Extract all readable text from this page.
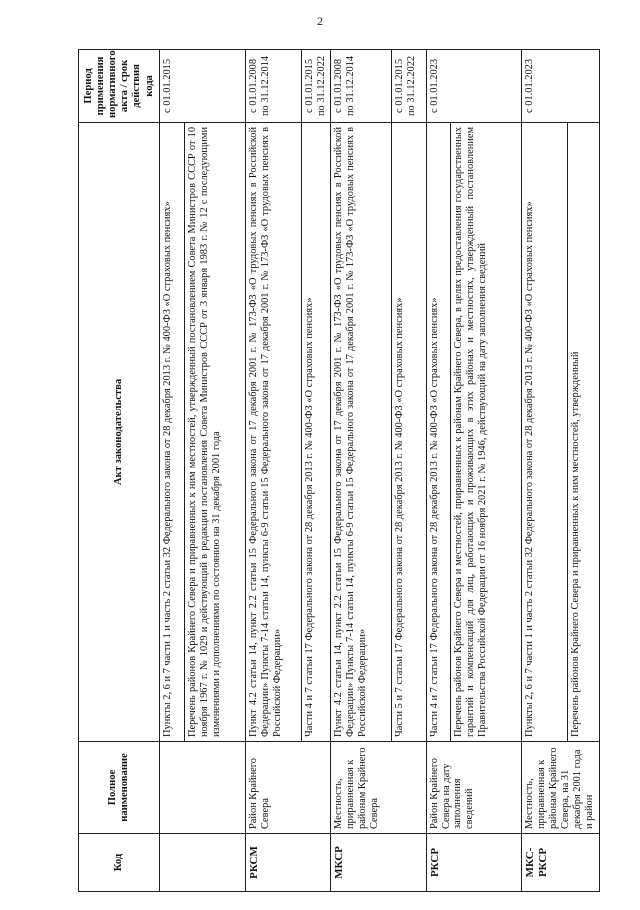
2
Код	Полное наименование	Акт законодательства	Период применения нормативного акта / срок действия кода
		Пункты 2, 6 и 7 части 1 и часть 2 статьи 32 Федерального закона от 28 декабря 2013 г. № 400-ФЗ «О страховых пенсиях»	с 01.01.2015
		Перечень районов Крайнего Севера и приравненных к ним местностей, утвержденный постановлением Совета Министров СССР от 10 ноября 1967 г. № 1029 и действующий в редакции постановления Совета Министров СССР от 3 января 1983 г. № 12 с последующими изменениями и дополнениями по состоянию на 31 декабря 2001 года	
РКСМ	Район Крайнего Севера	Пункт 4.2 статьи 14, пункт 2.2 статьи 15 Федерального закона от 17 декабря 2001 г. № 173-ФЗ «О трудовых пенсиях в Российской Федерации» Пункты 7-14 статьи 14, пункты 6-9 статьи 15 Федерального закона от 17 декабря 2001 г. № 173-ФЗ «О трудовых пенсиях в Российской Федерации»	с 01.01.2008 по 31.12.2014
		Части 4 и 7 статьи 17 Федерального закона от 28 декабря 2013 г. № 400-ФЗ «О страховых пенсиях»	с 01.01.2015 по 31.12.2022
МКСР	Местность, приравненная к районам Крайнего Севера	Пункт 4.2 статьи 14, пункт 2.2 статьи 15 Федерального закона от 17 декабря 2001 г. № 173-ФЗ «О трудовых пенсиях в Российской Федерации» Пункты 7-14 статьи 14, пункты 6-9 статьи 15 Федерального закона от 17 декабря 2001 г. № 173-ФЗ «О трудовых пенсиях в Российской Федерации»	с 01.01.2008 по 31.12.2014
		Части 5 и 7 статьи 17 Федерального закона от 28 декабря 2013 г. № 400-ФЗ «О страховых пенсиях»	с 01.01.2015 по 31.12.2022
РКСР	Район Крайнего Севера на дату заполнения сведений	Части 4 и 7 статьи 17 Федерального закона от 28 декабря 2013 г. № 400-ФЗ «О страховых пенсиях»	с 01.01.2023
		Перечень районов Крайнего Севера и местностей, приравненных к районам Крайнего Севера, в целях предоставления государственных гарантий и компенсаций для лиц, работающих и проживающих в этих районах и местностях, утвержденный постановлением Правительства Российской Федерации от 16 ноября 2021 г. № 1946, действующий на дату заполнения сведений	
МКС-РКСР	Местность, приравненная к районам Крайнего Севера, на 31 декабря 2001 года и район	Пункты 2, 6 и 7 части 1 и часть 2 статьи 32 Федерального закона от 28 декабря 2013 г. № 400-ФЗ «О страховых пенсиях»	с 01.01.2023
		Перечень районов Крайнего Севера и приравненных к ним местностей, утвержденный	
